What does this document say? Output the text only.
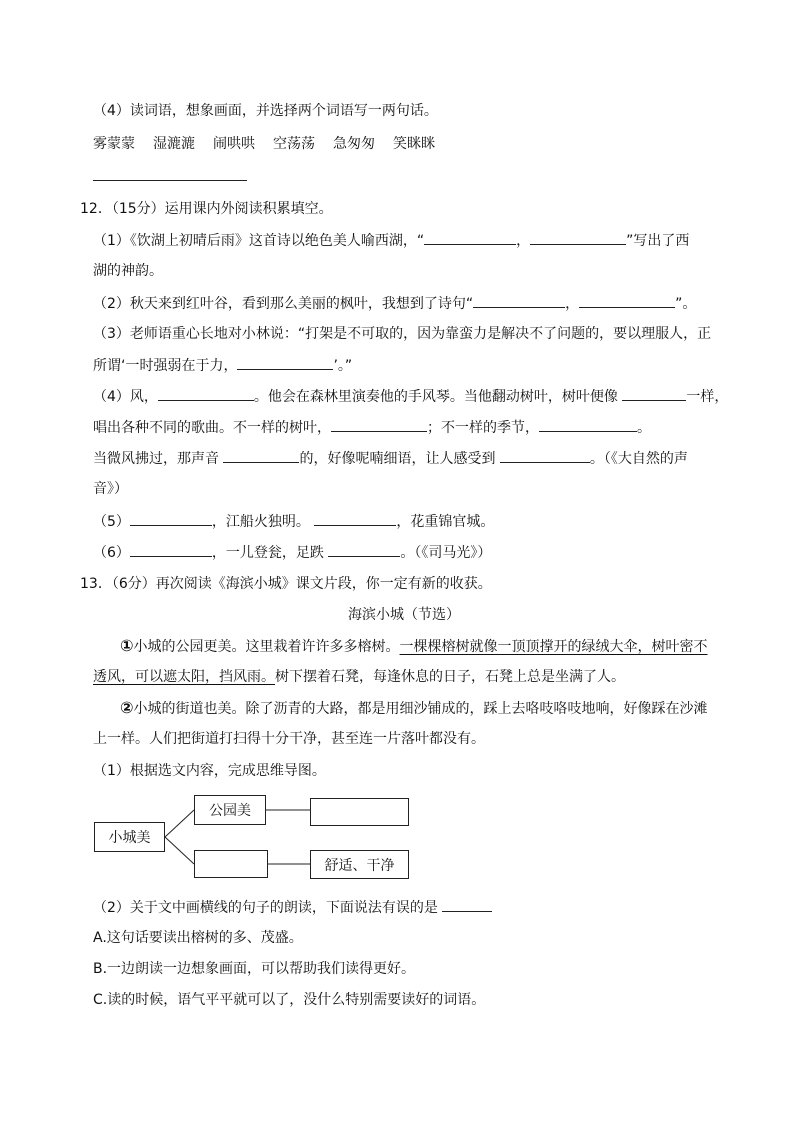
（4）读词语，想象画面，并选择两个词语写一两句话。
雾蒙蒙 湿漉漉 闹哄哄 空荡荡 急匆匆 笑眯眯
12．（15分）运用课内外阅读积累填空。
（1）《饮湖上初晴后雨》这首诗以绝色美人喻西湖，“	，	”写出了西
湖的神韵。
（2）秋天来到红叶谷，看到那么美丽的枫叶，我想到了诗句“	，	”。
（3）老师语重心长地对小林说：“打架是不可取的，因为靠蛮力是解决不了问题的，要以理服人，正
所谓‘一时强弱在于力，	’。”
（4）风，	。他会在森林里演奏他的手风琴。当他翻动树叶，树叶便像	一样，
唱出各种不同的歌曲。不一样的树叶，	；不一样的季节，	。
当微风拂过，那声音	的，好像呢喃细语，让人感受到	。（《大自然的声
音》）
（5）	，江船火独明。	，花重锦官城。
（6）	，一儿登瓮，足跌	。（《司马光》）
13．（6分）再次阅读《海滨小城》课文片段，你一定有新的收获。
海滨小城（节选）
①小城的公园更美。这里栽着许许多多榕树。一棵棵榕树就像一顶顶撑开的绿绒大伞，树叶密不
透风，可以遮太阳，挡风雨。树下摆着石凳，每逢休息的日子，石凳上总是坐满了人。
②小城的街道也美。除了沥青的大路，都是用细沙铺成的，踩上去咯吱咯吱地响，好像踩在沙滩
上一样。人们把街道打扫得十分干净，甚至连一片落叶都没有。
（1）根据选文内容，完成思维导图。
小城美
公园美
舒适、干净
（2）关于文中画横线的句子的朗读，下面说法有误的是
A.这句话要读出榕树的多、茂盛。
B.一边朗读一边想象画面，可以帮助我们读得更好。
C.读的时候，语气平平就可以了，没什么特别需要读好的词语。
